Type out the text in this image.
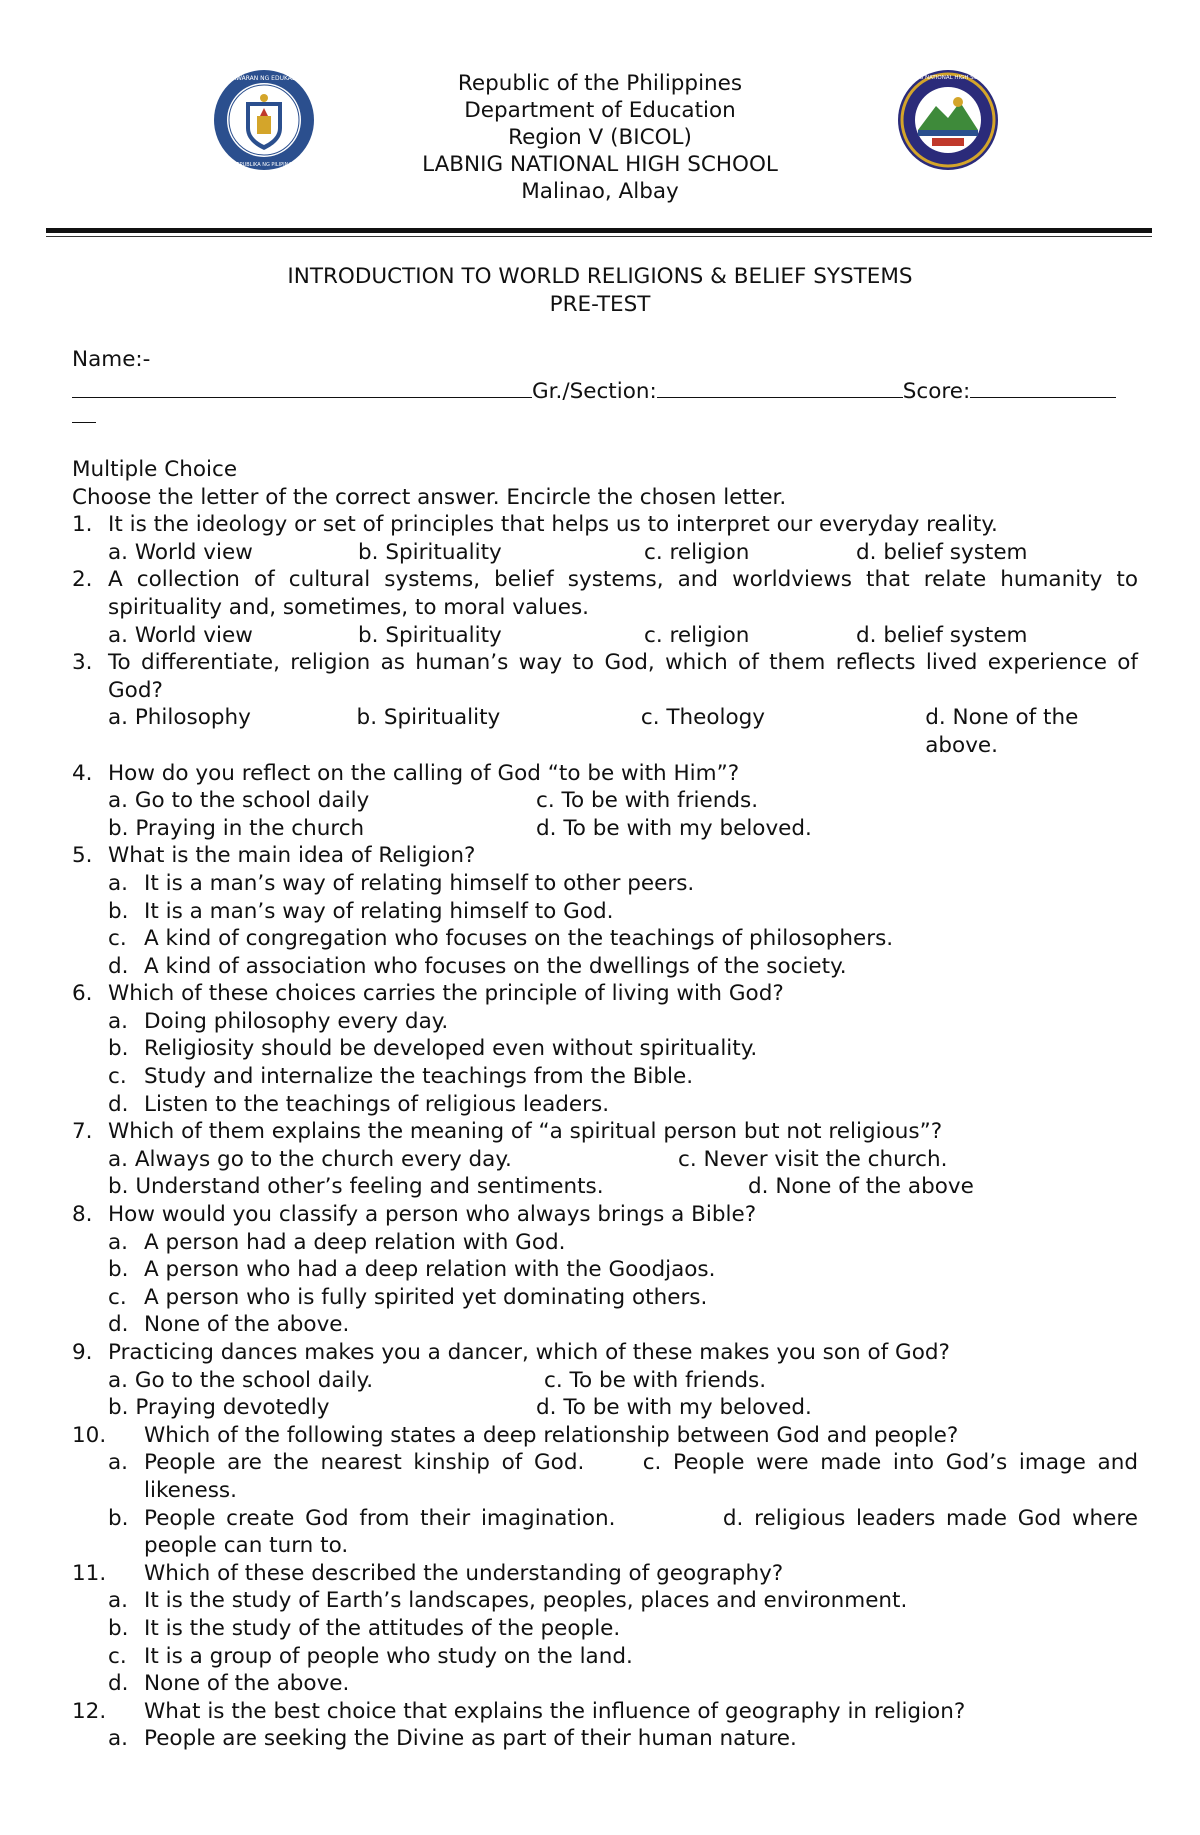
KAGAWARAN NG EDUKASYON
REPUBLIKA NG PILIPINAS
Republic of the Philippines
Department of Education
Region V (BICOL)
LABNIG NATIONAL HIGH SCHOOL
Malinao, Albay
LABNIG NATIONAL HIGH SCHOOL
INTRODUCTION TO WORLD RELIGIONS & BELIEF SYSTEMS
PRE-TEST
Name:-
Gr./Section:	Score:

Multiple Choice

Choose the letter of the correct answer. Encircle the chosen letter.

1. It is the ideology or set of principles that helps us to interpret our everyday reality.
a. World view	b. Spirituality	c. religion	d. belief system
2. A collection of cultural systems, belief systems, and worldviews that relate humanity to spirituality and, sometimes, to moral values.
a. World view	b. Spirituality	c. religion	d. belief system
3. To differentiate, religion as human’s way to God, which of them reflects lived experience of God?
a. Philosophy	b. Spirituality	c. Theology	d. None of the above.
4. How do you reflect on the calling of God “to be with Him”?
a. Go to the school daily	c. To be with friends.
b. Praying in the church	d. To be with my beloved.
5. What is the main idea of Religion?
a. It is a man’s way of relating himself to other peers.
b. It is a man’s way of relating himself to God.
c. A kind of congregation who focuses on the teachings of philosophers.
d. A kind of association who focuses on the dwellings of the society.
6. Which of these choices carries the principle of living with God?
a. Doing philosophy every day.
b. Religiosity should be developed even without spirituality.
c. Study and internalize the teachings from the Bible.
d. Listen to the teachings of religious leaders.
7. Which of them explains the meaning of “a spiritual person but not religious”?
a. Always go to the church every day.	c. Never visit the church.
b. Understand other’s feeling and sentiments.	d. None of the above
8. How would you classify a person who always brings a Bible?
a. A person had a deep relation with God.
b. A person who had a deep relation with the Goodjaos.
c. A person who is fully spirited yet dominating others.
d. None of the above.
9. Practicing dances makes you a dancer, which of these makes you son of God?
a. Go to the school daily.	c. To be with friends.
b. Praying devotedly	d. To be with my beloved.
10.	Which of the following states a deep relationship between God and people?
a. People are the nearest kinship of God.	c. People were made into God’s image and likeness.
b. People create God from their imagination.	d. religious leaders made God where people can turn to.
11.	Which of these described the understanding of geography?
a. It is the study of Earth’s landscapes, peoples, places and environment.
b. It is the study of the attitudes of the people.
c. It is a group of people who study on the land.
d. None of the above.
12.	What is the best choice that explains the influence of geography in religion?
a. People are seeking the Divine as part of their human nature.
